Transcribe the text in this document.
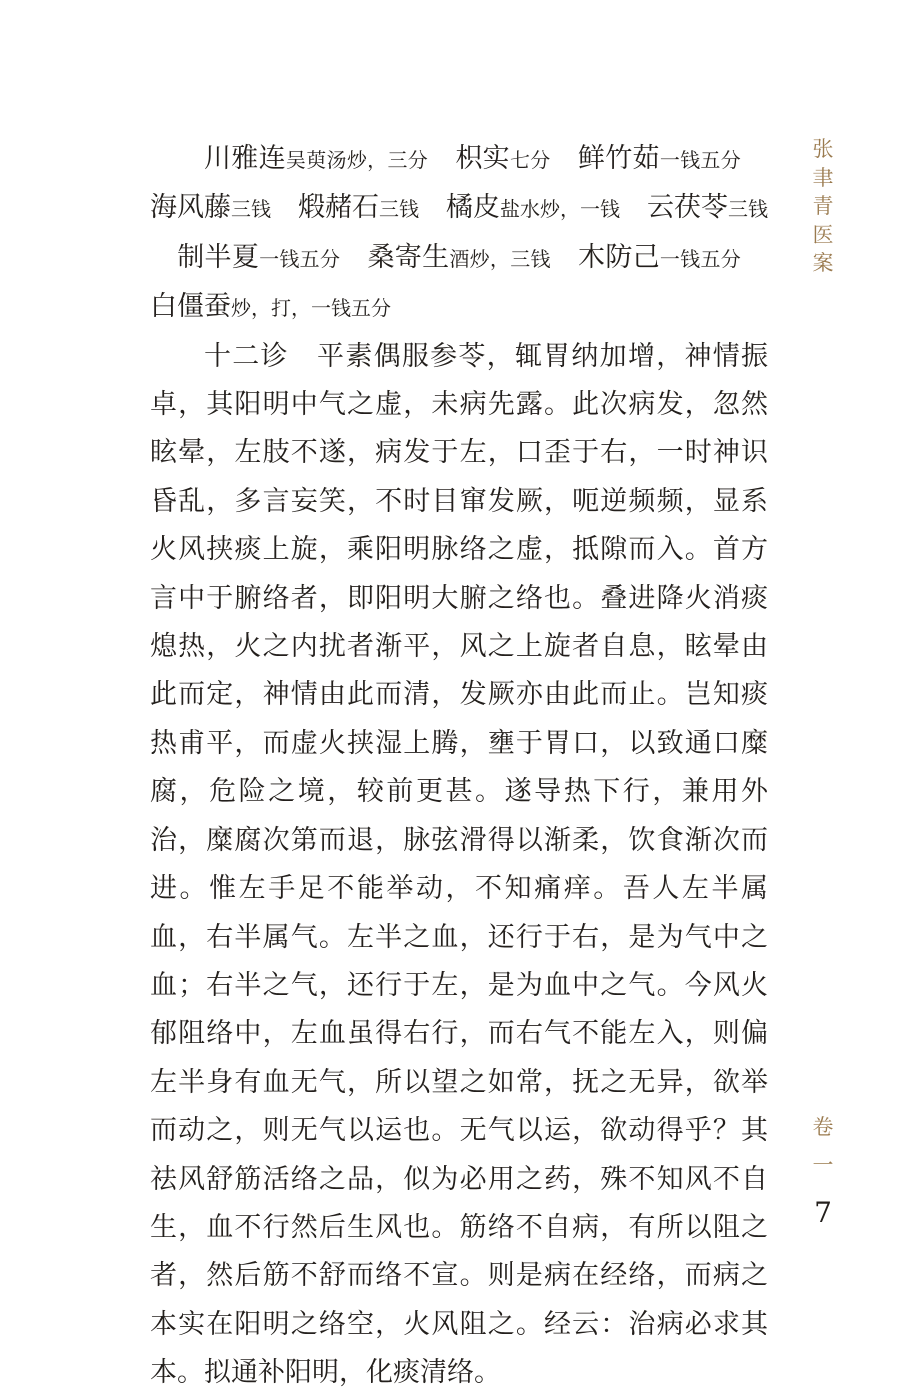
川雅连吴萸汤炒，三分 枳实七分 鲜竹茹一钱五分海风藤三钱 煅赭石三钱 橘皮盐水炒，一钱 云茯苓三钱制半夏一钱五分 桑寄生酒炒，三钱 木防己一钱五分白僵蚕炒，打，一钱五分

十二诊　平素偶服参苓，辄胃纳加增，神情振卓，其阳明中气之虚，未病先露。此次病发，忽然眩晕，左肢不遂，病发于左，口歪于右，一时神识昏乱，多言妄笑，不时目窜发厥，呃逆频频，显系火风挟痰上旋，乘阳明脉络之虚，抵隙而入。首方言中于腑络者，即阳明大腑之络也。叠进降火消痰熄热，火之内扰者渐平，风之上旋者自息，眩晕由此而定，神情由此而清，发厥亦由此而止。岂知痰热甫平，而虚火挟湿上腾，壅于胃口，以致通口糜腐，危险之境，较前更甚。遂导热下行，兼用外治，糜腐次第而退，脉弦滑得以渐柔，饮食渐次而进。惟左手足不能举动，不知痛痒。吾人左半属血，右半属气。左半之血，还行于右，是为气中之血；右半之气，还行于左，是为血中之气。今风火郁阻络中，左血虽得右行，而右气不能左入，则偏左半身有血无气，所以望之如常，抚之无异，欲举而动之，则无气以运也。无气以运，欲动得乎？其祛风舒筋活络之品，似为必用之药，殊不知风不自生，血不行然后生风也。筋络不自病，有所以阻之者，然后筋不舒而络不宣。则是病在经络，而病之本实在阳明之络空，火风阻之。经云：治病必求其本。拟通补阳明，化痰清络。

张聿青医案
卷一
7
